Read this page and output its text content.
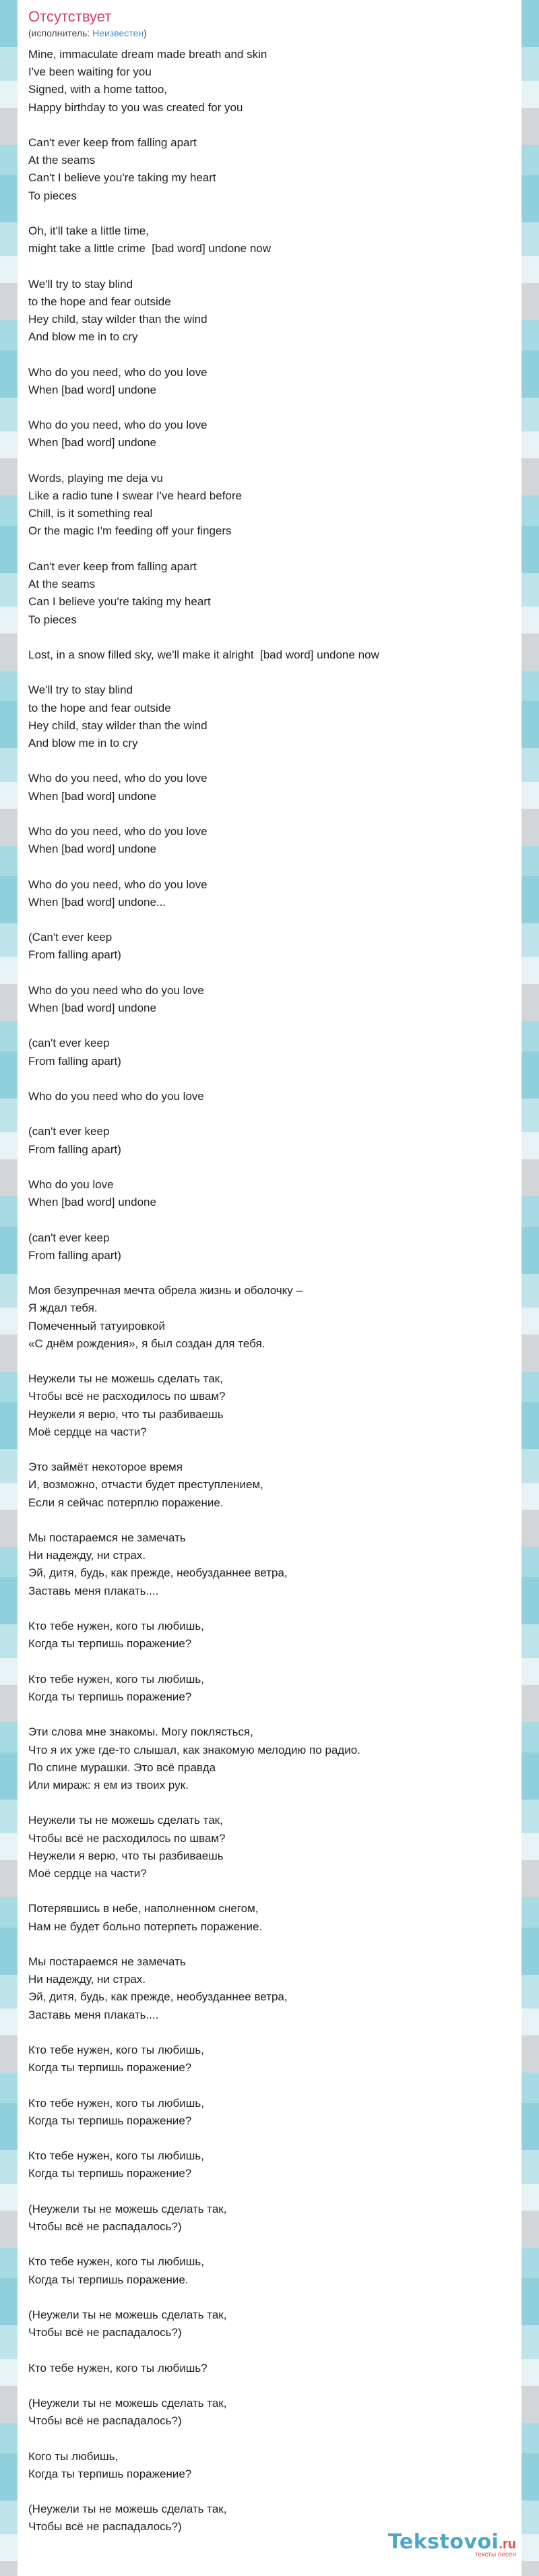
Отсутствует
(исполнитель: Неизвестен)
Mine, immaculate dream made breath and skin
I've been waiting for you
Signed, with a home tattoo,
Happy birthday to you was created for you

Can't ever keep from falling apart
At the seams
Can't I believe you're taking my heart
To pieces

Oh, it'll take a little time,
might take a little crime  [bad word] undone now

We'll try to stay blind
to the hope and fear outside
Hey child, stay wilder than the wind
And blow me in to cry

Who do you need, who do you love
When [bad word] undone

Who do you need, who do you love
When [bad word] undone

Words, playing me deja vu
Like a radio tune I swear I've heard before
Chill, is it something real
Or the magic I'm feeding off your fingers

Can't ever keep from falling apart
At the seams
Can I believe you're taking my heart
To pieces

Lost, in a snow filled sky, we'll make it alright  [bad word] undone now

We'll try to stay blind
to the hope and fear outside
Hey child, stay wilder than the wind
And blow me in to cry

Who do you need, who do you love
When [bad word] undone

Who do you need, who do you love
When [bad word] undone

Who do you need, who do you love
When [bad word] undone...

(Can't ever keep
From falling apart)

Who do you need who do you love
When [bad word] undone

(can't ever keep
From falling apart)

Who do you need who do you love

(can't ever keep
From falling apart)

Who do you love
When [bad word] undone

(can't ever keep
From falling apart)

Моя безупречная мечта обрела жизнь и оболочку –
Я ждал тебя.
Помеченный татуировкой
«С днём рождения», я был создан для тебя.

Неужели ты не можешь сделать так,
Чтобы всё не расходилось по швам?
Неужели я верю, что ты разбиваешь
Моё сердце на части?

Это займёт некоторое время
И, возможно, отчасти будет преступлением,
Если я сейчас потерплю поражение.

Мы постараемся не замечать
Ни надежду, ни страх.
Эй, дитя, будь, как прежде, необузданнее ветра,
Заставь меня плакать....

Кто тебе нужен, кого ты любишь,
Когда ты терпишь поражение?

Кто тебе нужен, кого ты любишь,
Когда ты терпишь поражение?

Эти слова мне знакомы. Могу поклясться,
Что я их уже где-то слышал, как знакомую мелодию по радио.
По спине мурашки. Это всё правда
Или мираж: я ем из твоих рук.

Неужели ты не можешь сделать так,
Чтобы всё не расходилось по швам?
Неужели я верю, что ты разбиваешь
Моё сердце на части?

Потерявшись в небе, наполненном снегом,
Нам не будет больно потерпеть поражение.

Мы постараемся не замечать
Ни надежду, ни страх.
Эй, дитя, будь, как прежде, необузданнее ветра,
Заставь меня плакать....

Кто тебе нужен, кого ты любишь,
Когда ты терпишь поражение?

Кто тебе нужен, кого ты любишь,
Когда ты терпишь поражение?

Кто тебе нужен, кого ты любишь,
Когда ты терпишь поражение?

(Неужели ты не можешь сделать так,
Чтобы всё не распадалось?)

Кто тебе нужен, кого ты любишь,
Когда ты терпишь поражение.

(Неужели ты не можешь сделать так,
Чтобы всё не распадалось?)

Кто тебе нужен, кого ты любишь?

(Неужели ты не можешь сделать так,
Чтобы всё не распадалось?)

Кого ты любишь,
Когда ты терпишь поражение?

(Неужели ты не можешь сделать так,
Чтобы всё не распадалось?)
Tekstovoi.ru
тексты песен
